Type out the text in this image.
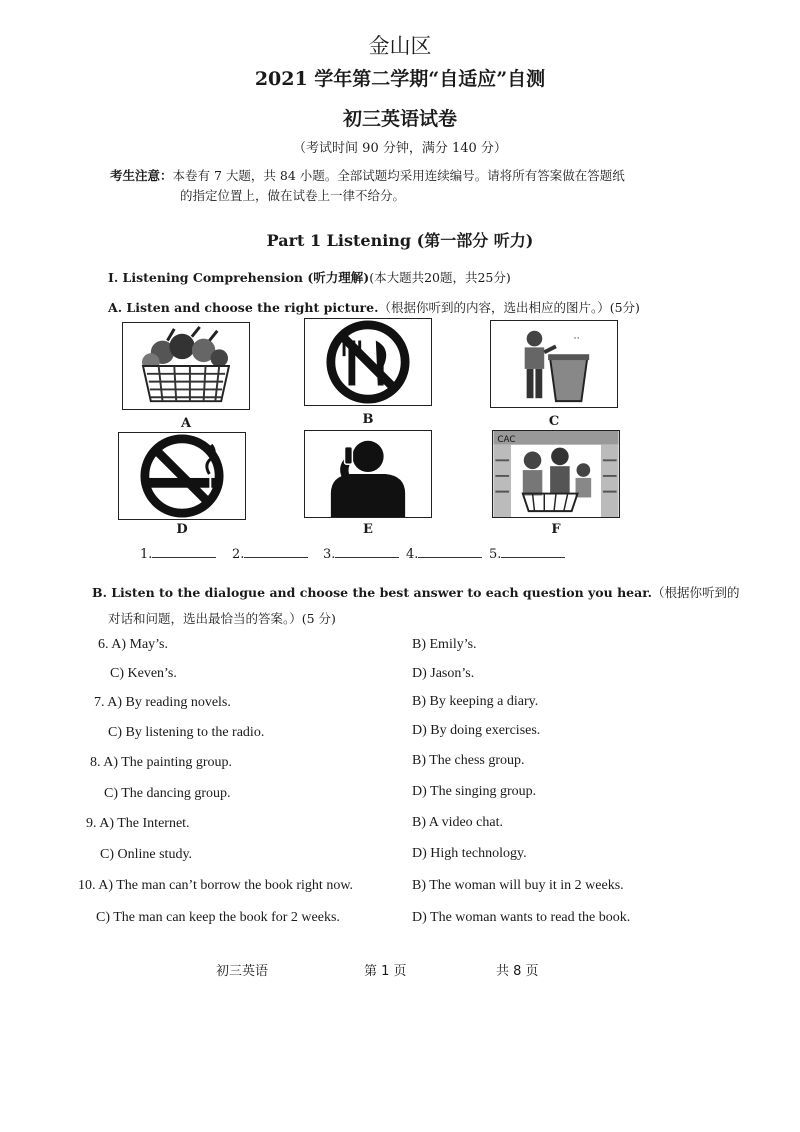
金山区
2021 学年第二学期“自适应”自测
初三英语试卷
（考试时间 90 分钟，满分 140 分）
考生注意：本卷有 7 大题，共 84 小题。全部试题均采用连续编号。请将所有答案做在答题纸
的指定位置上，做在试卷上一律不给分。
Part 1 Listening (第一部分 听力)
I. Listening Comprehension (听力理解)(本大题共20题，共25分)
A. Listen and choose the right picture.（根据你听到的内容，选出相应的图片。）(5分)
A	B
..
C
D	E
CAC
F
1.	2.	3.	4.	5.
B. Listen to the dialogue and choose the best answer to each question you hear.（根据你听到的
对话和问题，选出最恰当的答案。）(5 分)
6. A) May’s.	B) Emily’s.
C) Keven’s.	D) Jason’s.
7. A) By reading novels.	B) By keeping a diary.
C) By listening to the radio.	D) By doing exercises.
8. A) The painting group.	B) The chess group.
C) The dancing group.	D) The singing group.
9. A) The Internet.	B) A video chat.
C) Online study.	D) High technology.
10. A) The man can’t borrow the book right now.	B) The woman will buy it in 2 weeks.
C) The man can keep the book for 2 weeks.	D) The woman wants to read the book.
初三英语	第 1 页	共 8 页
